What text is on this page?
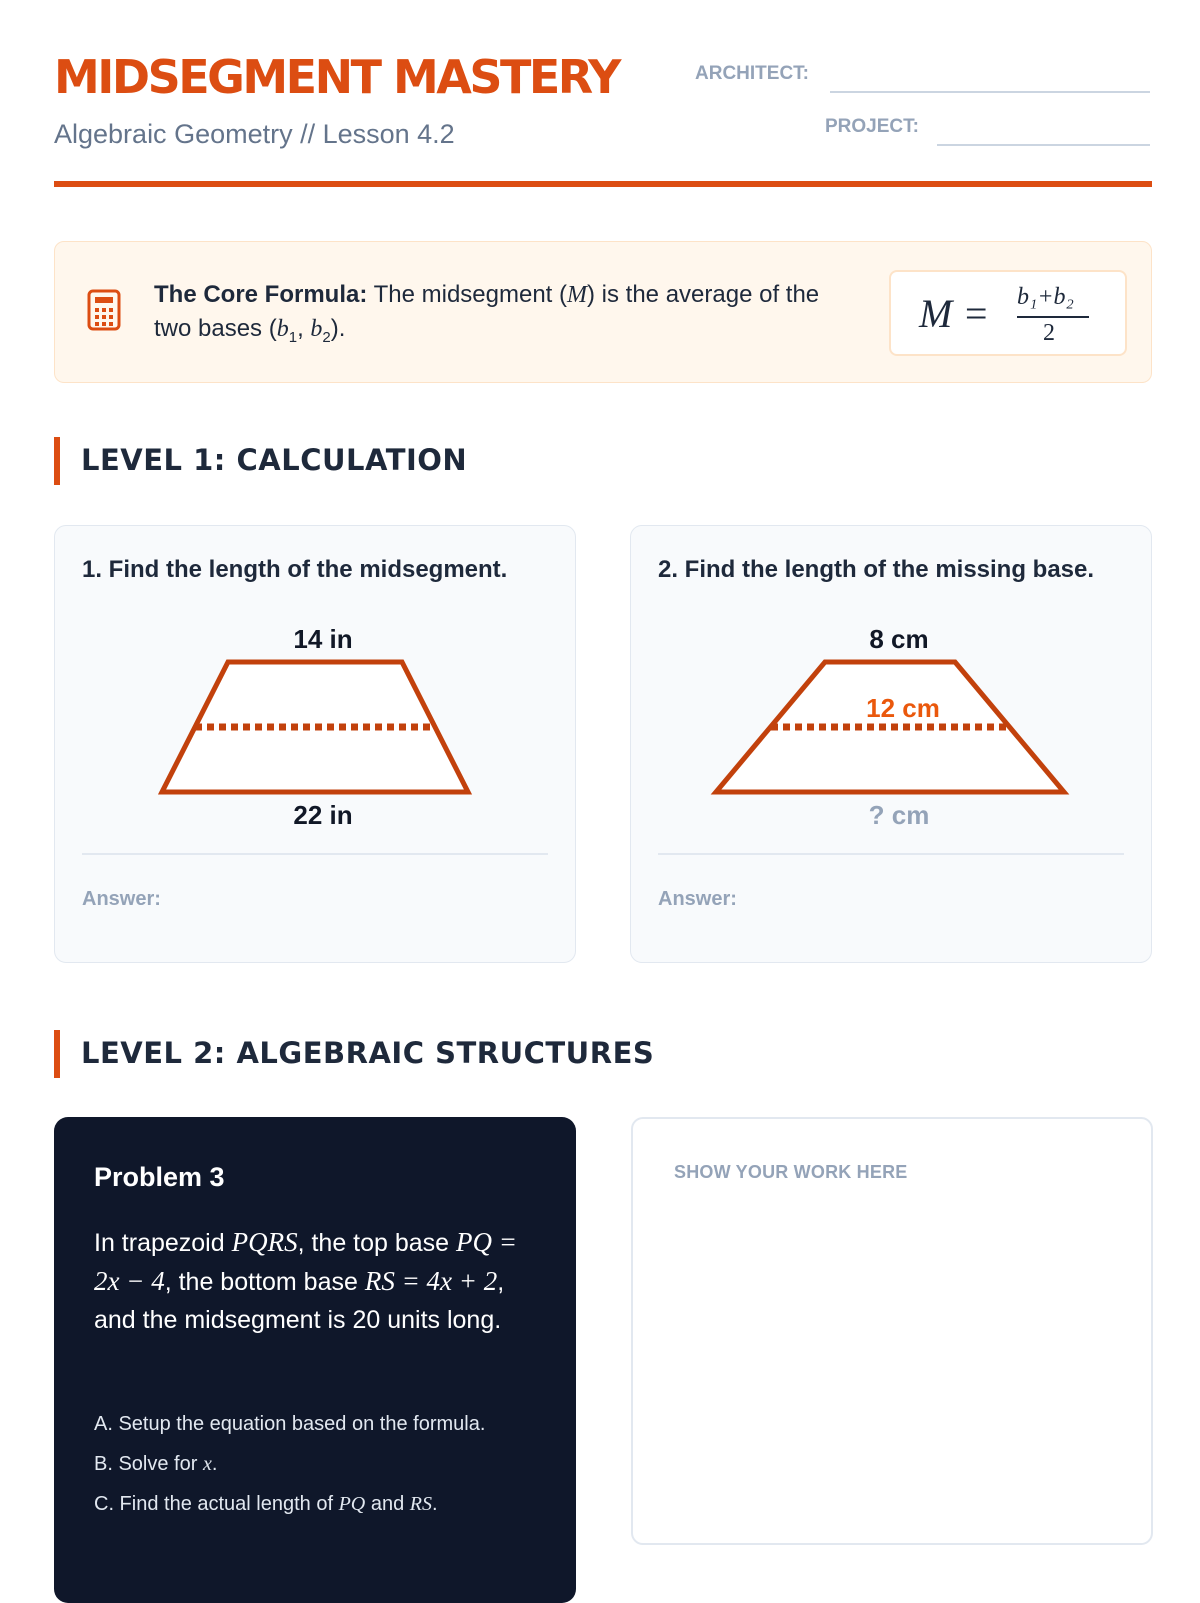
MIDSEGMENT MASTERY
Algebraic Geometry // Lesson 4.2
ARCHITECT:
PROJECT:
The Core Formula: The midsegment (M) is the average of the two bases ($b_1$, $b_2$).	M = b₁+b₂
2
LEVEL 1: CALCULATION
1. Find the length of the midsegment.
14 in
22 in
Answer:
2. Find the length of the missing base.
8 cm
12 cm
? cm
Answer:
LEVEL 2: ALGEBRAIC STRUCTURES
Problem 3
In trapezoid PQRS, the top base PQ = 2x − 4, the bottom base RS = 4x + 2, and the midsegment is 20 units long.
A. Setup the equation based on the formula.
B. Solve for x.
C. Find the actual length of PQ and RS.
SHOW YOUR WORK HERE
